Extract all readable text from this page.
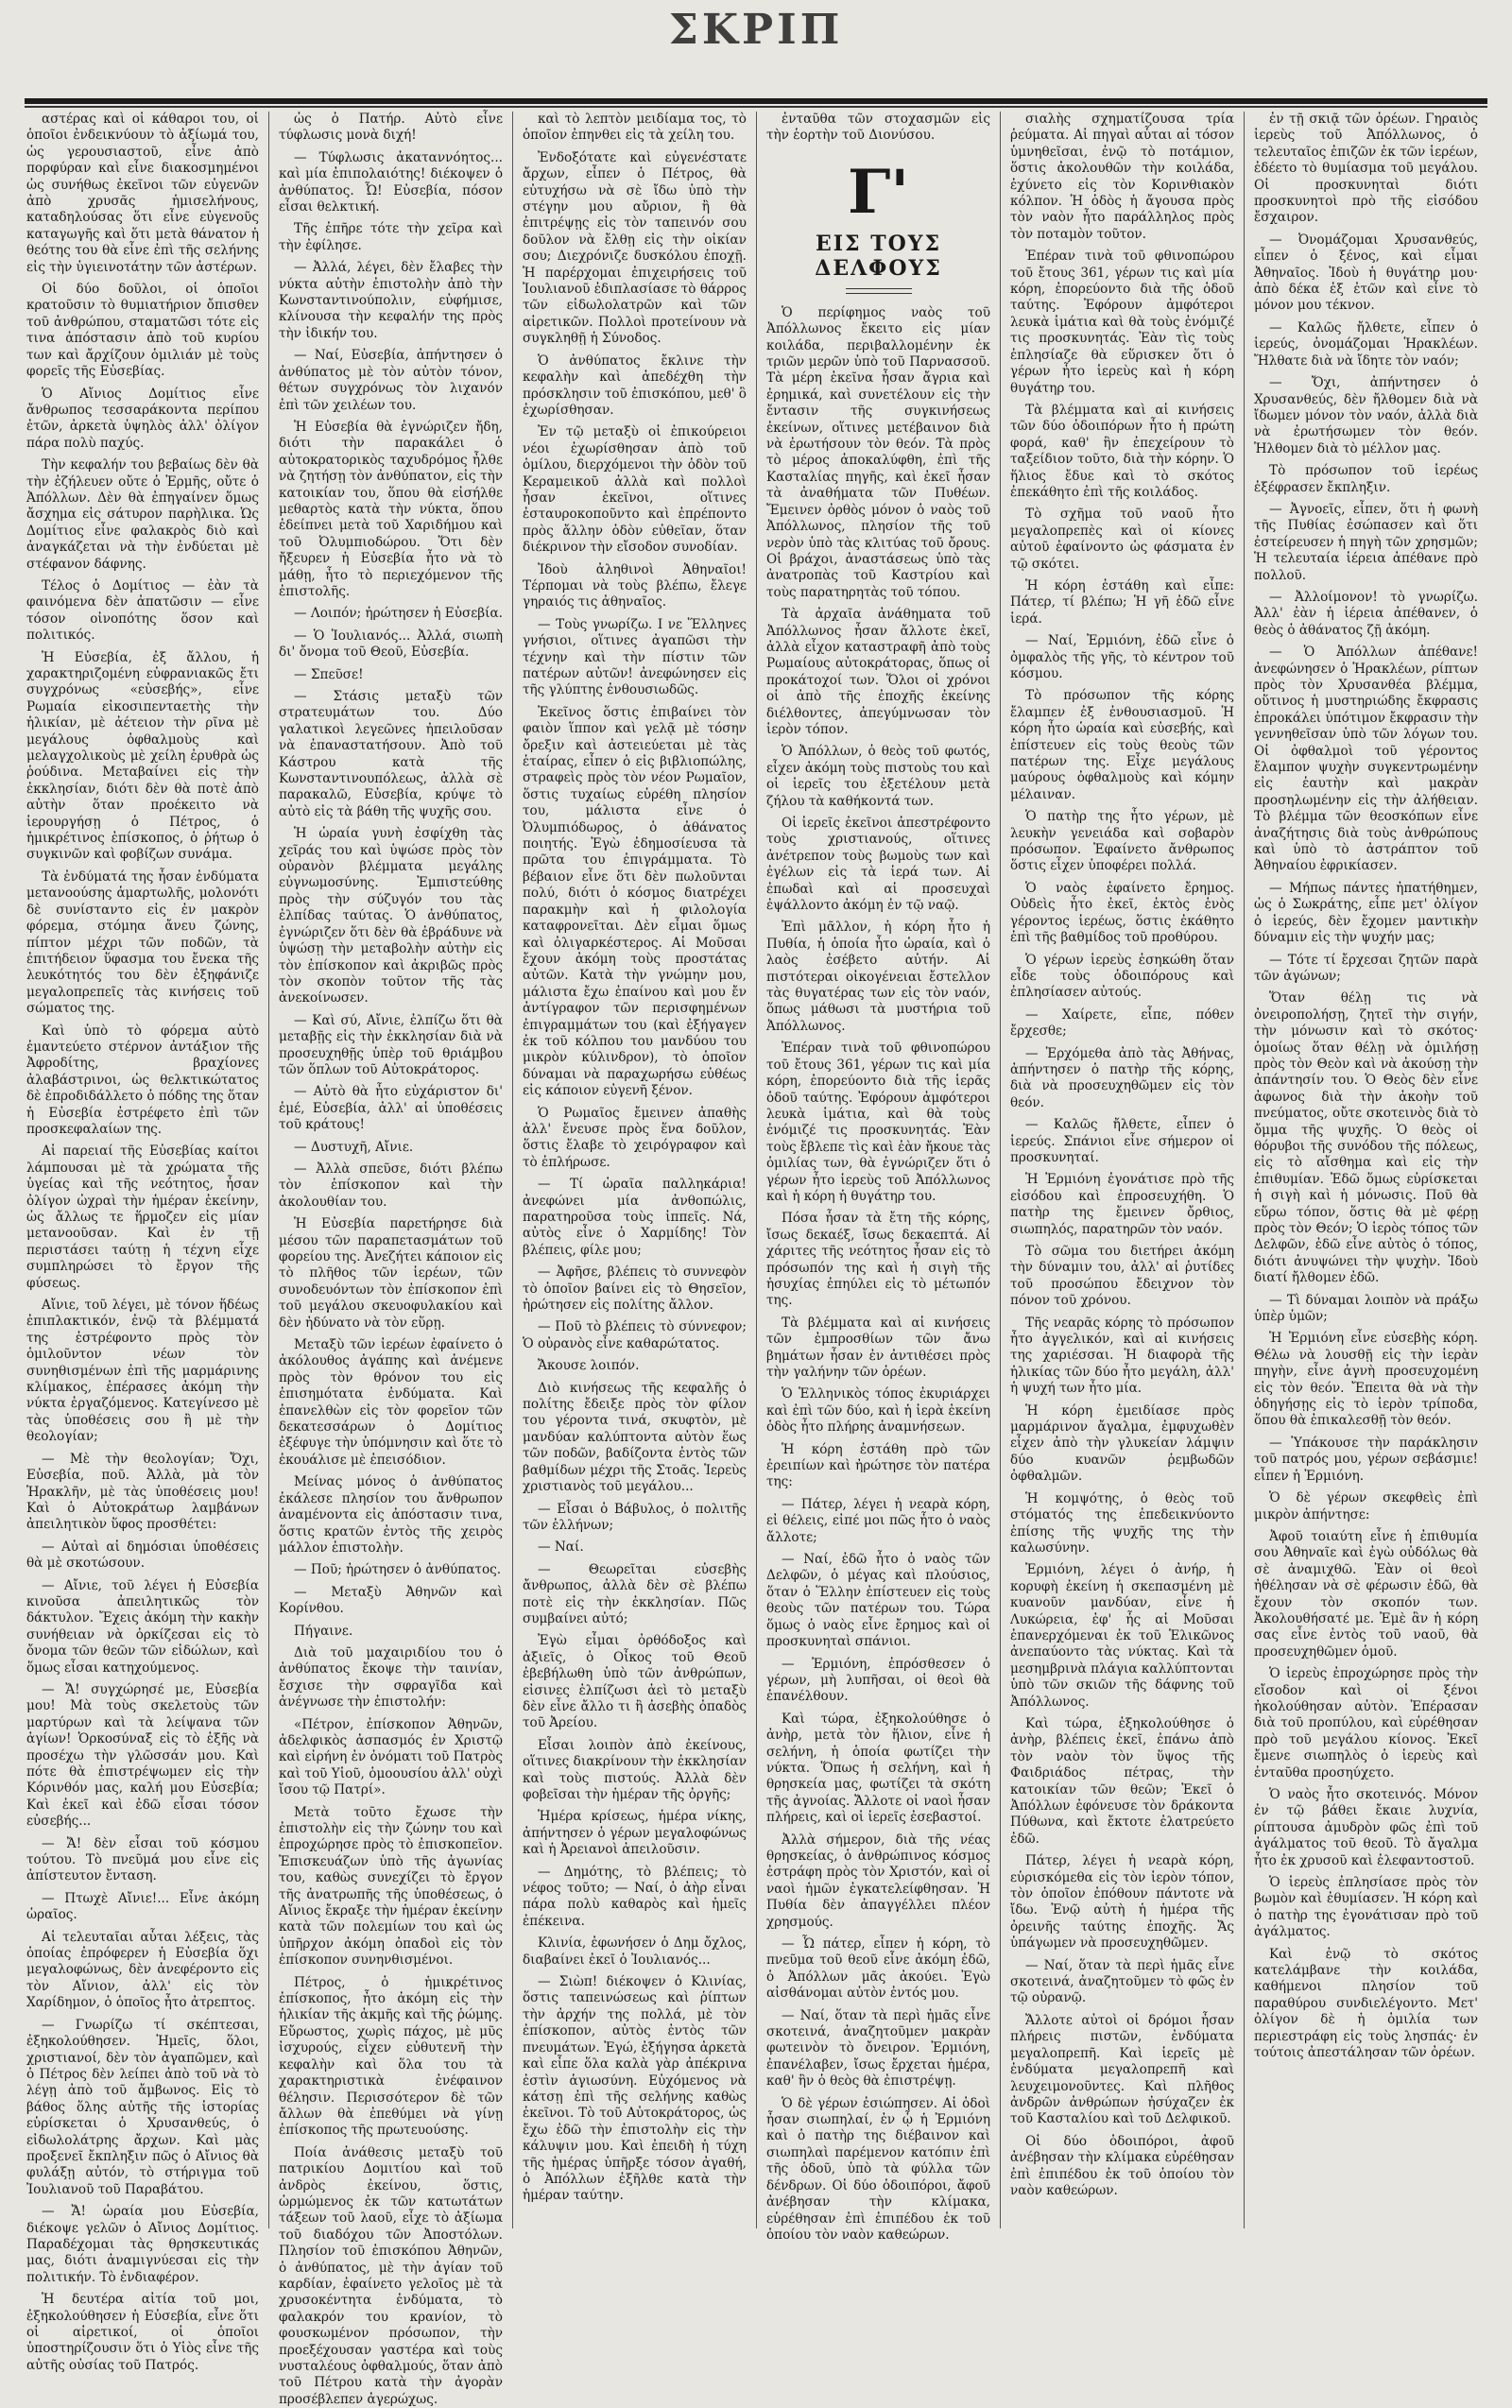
ΣΚΡΙΠ

αστέρας καὶ οἱ κάθαροι του, οἱ ὁποῖοι ἐνδεικνύουν τὸ ἀξίωμά του, ὡς γερουσιαστοῦ, εἶνε ἀπὸ πορφύραν καὶ εἶνε διακοσμημένοι ὡς συνήθως ἐκεῖνοι τῶν εὐγενῶν ἀπὸ χρυσᾶς ἡμισελήνους, καταδηλούσας ὅτι εἶνε εὐγενοῦς καταγωγῆς καὶ ὅτι μετὰ θάνατον ἡ θεότης του θὰ εἶνε ἐπὶ τῆς σελήνης εἰς τὴν ὑγιεινοτάτην τῶν ἀστέρων.

Οἱ δύο δοῦλοι, οἱ ὁποῖοι κρατοῦσιν τὸ θυμιατήριον ὄπισθεν τοῦ ἀνθρώπου, σταματῶσι τότε εἰς τινα ἀπόστασιν ἀπὸ τοῦ κυρίου των καὶ ἄρχίζουν ὁμιλιάν μὲ τοὺς φορεῖς τῆς Εὐσεβίας.

Ὁ Αἴνιος Δομίτιος εἶνε ἄνθρωπος τεσσαράκοντα περίπου ἐτῶν, ἀρκετὰ ὑψηλὸς ἀλλ' ὀλίγον πάρα πολὺ παχύς.

Τὴν κεφαλήν του βεβαίως δὲν θὰ τὴν ἐζήλευεν οὔτε ὁ Ἑρμῆς, οὔτε ὁ Ἀπόλλων. Δὲν θὰ ἐπηγαίνεν ὅμως ἄσχημα εἰς σάτυρον παρὴλικα. Ὡς Δομίτιος εἶνε φαλακρὸς διὸ καὶ ἀναγκάζεται νὰ τὴν ἐνδύεται μὲ στέφανον δάφνης.

Τέλος ὁ Δομίτιος — ἐὰν τὰ φαινόμενα δὲν ἀπατῶσιν — εἶνε τόσον οἰνοπότης ὅσον καὶ πολιτικός.

Ἡ Εὐσεβία, ἐξ ἄλλου, ἡ χαρακτηριζομένη εὐφρανιακῶς ἔτι συγχρόνως «εὐσεβής», εἶνε Ρωμαία εἰκοσιπενταετὴς τὴν ἡλικίαν, μὲ ἀέτειον τὴν ρῖνα μὲ μεγάλους ὀφθαλμοὺς καὶ μελαγχολικοὺς μὲ χείλη ἐρυθρὰ ὡς ῥούδινα. Μεταβαίνει εἰς τὴν ἐκκλησίαν, διότι δὲν θὰ ποτὲ ἀπὸ αὐτὴν ὅταν προέκειτο νὰ ἱερουργήσῃ ὁ Πέτρος, ὁ ἡμικρέτινος ἐπίσκοπος, ὁ ῥήτωρ ὁ συγκινῶν καὶ φοβίζων συνάμα.

Τὰ ἐνδύματά της ἦσαν ἐνδύματα μετανοούσης ἁμαρτωλῆς, μολονότι δὲ συνίσταντο εἰς ἐν μακρὸν φόρεμα, στόμηα ἄνευ ζώνης, πίπτον μέχρι τῶν ποδῶν, τὰ ἐπιτήδειον ὕφασμα του ἔνεκα τῆς λευκότητός του δὲν ἐξηφάνιζε μεγαλοπρεπεῖς τὰς κινήσεις τοῦ σώματος της.

Καὶ ὑπὸ τὸ φόρεμα αὐτὸ ἐμαντεύετο στέρνον ἀντάξιον τῆς Ἀφροδίτης, βραχίονες ἀλαβάστρινοι, ὡς θελκτικώτατος δὲ ἐπροδιδάλλετο ὁ πόδης της ὅταν ἡ Εὐσεβία ἐστρέφετο ἐπὶ τῶν προσκεφαλαίων της.

Αἱ παρειαί τῆς Εὐσεβίας καίτοι λάμπουσαι μὲ τὰ χρώματα τῆς ὑγείας καὶ τῆς νεότητος, ἦσαν ὀλίγον ὠχραὶ τὴν ἡμέραν ἐκείνην, ὡς ἄλλως τε ἥρμοζεν εἰς μίαν μετανοοῦσαν. Καὶ ἐν τῇ περιστάσει ταύτῃ ἡ τέχνη εἶχε συμπληρώσει τὸ ἔργον τῆς φύσεως.

Αἴνιε, τοῦ λέγει, μὲ τόνον ἥδέως ἐπιπλακτικόν, ἐνῷ τὰ βλέμματά της ἐστρέφοντο πρὸς τὸν ὁμιλοῦντον νέων τὸν συνηθισμένων ἐπὶ τῆς μαρμάρινης κλίμακος, ἐπέρασες ἀκόμη τὴν νύκτα ἐργαζόμενος. Κατεγίνεσο μὲ τὰς ὑποθέσεις σου ἢ μὲ τὴν θεολογίαν;

— Μὲ τὴν θεολογίαν; Ὄχι, Εὐσεβία, ποῦ. Ἀλλὰ, μὰ τὸν Ἡρακλῆν, μὲ τὰς ὑποθέσεις μου! Καὶ ὁ Αὐτοκράτωρ λαμβάνων ἀπειλητικὸν ὕφος προσθέτει:

— Αὐταὶ αἱ δημόσιαι ὑποθέσεις θὰ μὲ σκοτώσουν.

— Αἴνιε, τοῦ λέγει ἡ Εὐσεβία κινοῦσα ἀπειλητικῶς τὸν δάκτυλον. Ἔχεις ἀκόμη τὴν κακὴν συνήθειαν νὰ ὁρκίζεσαι εἰς τὸ ὄνομα τῶν θεῶν τῶν εἰδώλων, καὶ ὅμως εἶσαι κατηχούμενος.

— Ἄ! συγχώρησέ με, Εὐσεβία μου! Μὰ τοὺς σκελετοὺς τῶν μαρτύρων καὶ τὰ λείψανα τῶν ἁγίων! Ὁρκοσύναξ εἰς τὸ ἑξῆς νὰ προσέχω τὴν γλῶσσάν μου. Καὶ πότε θὰ ἐπιστρέψωμεν εἰς τὴν Κόρινθόν μας, καλή μου Εὐσεβία; Καὶ ἐκεῖ καὶ ἐδῶ εἶσαι τόσον εὐσεβής...

— Ἄ! δὲν εἶσαι τοῦ κόσμου τούτου. Τὸ πνεῦμά μου εἶνε εἰς ἀπίστευτον ἔνταση.

— Πτωχὲ Αἴνιε!... Εἶνε ἀκόμη ὡραῖος.

Αἱ τελευταῖαι αὗται λέξεις, τὰς ὁποίας ἐπρόφερεν ἡ Εὐσεβία ὅχι μεγαλοφώνως, δὲν ἀνεφέροντο εἰς τὸν Αἴνιον, ἀλλ' εἰς τὸν Χαρίδημον, ὁ ὁποῖος ἦτο ἀτρεπτος.

— Γνωρίζω τί σκέπτεσαι, ἐξηκολούθησεν. Ἡμεῖς, ὅλοι, χριστιανοί, δὲν τὸν ἀγαπῶμεν, καὶ ὁ Πέτρος δὲν λείπει ἀπὸ τοῦ νὰ τὸ λέγῃ ἀπὸ τοῦ ἄμβωνος. Εἰς τὸ βάθος ὅλης αὐτῆς τῆς ἱστορίας εὑρίσκεται ὁ Χρυσανθεύς, ὁ εἰδωλολάτρης ἄρχων. Καὶ μὰς προξενεῖ ἔκπληξιν πῶς ὁ Αἴνιος θὰ φυλάξῃ αὐτόν, τὸ στήριγμα τοῦ Ἰουλιανοῦ τοῦ Παραβάτου.

— Ἄ! ὡραία μου Εὐσεβία, διέκοψε γελῶν ὁ Αἴνιος Δομίτιος. Παραδέχομαι τὰς θρησκευτικάς μας, διότι ἀναμιγνύεσαι εἰς τὴν πολιτικήν. Τὸ ἐνδιαφέρον.

Ἡ δευτέρα αἰτία τοῦ μοι, ἐξηκολούθησεν ἡ Εὐσεβία, εἶνε ὅτι οἱ αἱρετικοί, οἱ ὁποῖοι ὑποστηρίζουσιν ὅτι ὁ Υἱὸς εἶνε τῆς αὐτῆς οὐσίας τοῦ Πατρός.

ὡς ὁ Πατήρ. Αὐτὸ εἶνε τύφλωσις μονὰ διχή!

— Τύφλωσις ἀκαταννόητος... καὶ μία ἐπιπολαιότης! διέκοψεν ὁ ἀνθύπατος. Ὦ! Εὐσεβία, πόσον εἶσαι θελκτική.

Τῆς ἐπῆρε τότε τὴν χεῖρα καὶ τὴν ἐφίλησε.

— Ἀλλά, λέγει, δὲν ἔλαβες τὴν νύκτα αὐτὴν ἐπιστολὴν ἀπὸ τὴν Κωνσταντινούπολιν, εὐφήμισε, κλίνουσα τὴν κεφαλήν της πρὸς τὴν ἰδικήν του.

— Ναί, Εὐσεβία, ἀπήντησεν ὁ ἀνθύπατος μὲ τὸν αὐτὸν τόνον, θέτων συγχρόνως τὸν λιχανόν ἐπὶ τῶν χειλέων του.

Ἡ Εὐσεβία θὰ ἐγνώριζεν ἤδη, διότι τὴν παρακάλει ὁ αὐτοκρατορικὸς ταχυδρόμος ἦλθε νὰ ζητήσῃ τὸν ἀνθύπατον, εἰς τὴν κατοικίαν του, ὅπου θὰ εἰσήλθε μεθαρτὸς κατὰ τὴν νύκτα, ὅπου ἐδείπνει μετὰ τοῦ Χαριδήμου καὶ τοῦ Ὀλυμπιοδώρου. Ὅτι δὲν ἤξευρεν ἡ Εὐσεβία ἦτο νὰ τὸ μάθῃ, ἦτο τὸ περιεχόμενον τῆς ἐπιστολῆς.

— Λοιπόν; ἠρώτησεν ἡ Εὐσεβία.

— Ὁ Ἰουλιανός... Ἀλλά, σιωπὴ δι' ὄνομα τοῦ Θεοῦ, Εὐσεβία.

— Σπεῦσε!

— Στάσις μεταξὺ τῶν στρατευμάτων του. Δύο γαλατικοὶ λεγεῶνες ἠπειλοῦσαν νὰ ἐπαναστατήσουν. Ἀπὸ τοῦ Κάστρου κατὰ τῆς Κωνσταντινουπόλεως, ἀλλὰ σὲ παρακαλῶ, Εὐσεβία, κρύψε τὸ αὐτὸ εἰς τὰ βάθη τῆς ψυχῆς σου.

Ἡ ὡραία γυνὴ ἐσφίχθη τὰς χεῖράς του καὶ ὑψώσε πρὸς τὸν οὐρανὸν βλέμματα μεγάλης εὐγνωμοσύνης. Ἐμπιστεύθης πρὸς τὴν σύζυγόν του τὰς ἐλπίδας ταύτας. Ὁ ἀνθύπατος, ἐγνώριζεν ὅτι δὲν θὰ ἐβράδυνε νὰ ὑψώσῃ τὴν μεταβολὴν αὐτὴν εἰς τὸν ἐπίσκοπον καὶ ἀκριβῶς πρὸς τὸν σκοπὸν τοῦτον τῆς τὰς ἀνεκοίνωσεν.

— Καὶ σύ, Αἴνιε, ἐλπίζω ὅτι θὰ μεταβῇς εἰς τὴν ἐκκλησίαν διὰ νὰ προσευχηθῇς ὑπὲρ τοῦ θριάμβου τῶν ὅπλων τοῦ Αὐτοκράτορος.

— Αὐτὸ θὰ ἦτο εὐχάριστον δι' ἐμέ, Εὐσεβία, ἀλλ' αἱ ὑποθέσεις τοῦ κράτους!

— Δυστυχῆ, Αἴνιε.

— Ἀλλὰ σπεῦσε, διότι βλέπω τὸν ἐπίσκοπον καὶ τὴν ἀκολουθίαν του.

Ἡ Εὐσεβία παρετήρησε διὰ μέσου τῶν παραπετασμάτων τοῦ φορείου της. Ἀνεζήτει κάποιον εἰς τὸ πλῆθος τῶν ἱερέων, τῶν συνοδευόντων τὸν ἐπίσκοπον ἐπὶ τοῦ μεγάλου σκευοφυλακίου καὶ δὲν ἠδύνατο νὰ τὸν εὕρῃ.

Μεταξὺ τῶν ἱερέων ἐφαίνετο ὁ ἀκόλουθος ἀγάπης καὶ ἀνέμενε πρὸς τὸν θρόνον του εἰς ἐπισημότατα ἐνδύματα. Καὶ ἐπανελθὼν εἰς τὸν φορεῖον τῶν δεκατεσσάρων ὁ Δομίτιος ἐξέφυγε τὴν ὑπόμνησιν καὶ ὅτε τὸ ἐκουάλισε μὲ ἐπεισόδιον.

Μείνας μόνος ὁ ἀνθύπατος ἐκάλεσε πλησίον του ἄνθρωπον ἀναμένοντα εἰς ἀπόστασιν τινα, ὅστις κρατῶν ἐντὸς τῆς χειρὸς μάλλον ἐπιστολὴν.

— Ποῦ; ἠρώτησεν ὁ ἀνθύπατος.

— Μεταξὺ Ἀθηνῶν καὶ Κορίνθου.

Πήγαινε.

Διὰ τοῦ μαχαιριδίου του ὁ ἀνθύπατος ἔκοψε τὴν ταινίαν, ἔσχισε τὴν σφραγῖδα καὶ ἀνέγνωσε τὴν ἐπιστολήν:

«Πέτρον, ἐπίσκοπον Ἀθηνῶν, ἀδελφικὸς ἀσπασμός ἐν Χριστῷ καὶ εἰρήνη ἐν ὀνόματι τοῦ Πατρὸς καὶ τοῦ Υἱοῦ, ὁμοουσίου ἀλλ' οὐχὶ ἴσου τῷ Πατρί».

Μετὰ τοῦτο ἔχωσε τὴν ἐπιστολὴν εἰς τὴν ζώνην του καὶ ἐπροχώρησε πρὸς τὸ ἐπισκοπεῖον. Ἐπισκευάζων ὑπὸ τῆς ἀγωνίας του, καθὼς συνεχίζει τὸ ἔργον τῆς ἀνατρωπῆς τῆς ὑποθέσεως, ὁ Αἴνιος ἔκραξε τὴν ἡμέραν ἐκείνην κατὰ τῶν πολεμίων του καὶ ὡς ὑπῆρχον ἀκόμη ὀπαδοὶ εἰς τὸν ἐπίσκοπον συνηνθισμένοι.

Πέτρος, ὁ ἡμικρέτινος ἐπίσκοπος, ἦτο ἀκόμη εἰς τὴν ἡλικίαν τῆς ἀκμῆς καὶ τῆς ῥώμης. Εὔρωστος, χωρὶς πάχος, μὲ μῦς ἰσχυρούς, εἶχεν εὐθυτενῆ τὴν κεφαλὴν καὶ ὅλα του τὰ χαρακτηριστικὰ ἐνέφαινον θέλησιν. Περισσότερον δὲ τῶν ἄλλων θὰ ἐπεθύμει νὰ γίνῃ ἐπίσκοπος τῆς πρωτευούσης.

Ποία ἀνάθεσις μεταξὺ τοῦ πατρικίου Δομιτίου καὶ τοῦ ἀνδρὸς ἐκείνου, ὅστις, ὡρμώμενος ἐκ τῶν κατωτάτων τάξεων τοῦ λαοῦ, εἶχε τὸ ἀξίωμα τοῦ διαδόχου τῶν Ἀποστόλων. Πλησίον τοῦ ἐπισκόπου Ἀθηνῶν, ὁ ἀνθύπατος, μὲ τὴν ἁγίαν τοῦ καρδίαν, ἐφαίνετο γελοῖος μὲ τὰ χρυσοκέντητα ἐνδύματα, τὸ φαλακρόν του κρανίον, τὸ φουσκωμένον πρόσωπον, τὴν προεξέχουσαν γαστέρα καὶ τοὺς νυσταλέους ὀφθαλμούς, ὅταν ἀπὸ τοῦ Πέτρου κατὰ τὴν ἀγορὰν προσέβλεπεν ἀγερώχως.

καὶ τὸ λεπτὸν μειδίαμα τος, τὸ ὁποῖον ἐπηνθει εἰς τὰ χείλη του.

Ἐνδοξότατε καὶ εὐγενέστατε ἄρχων, εἶπεν ὁ Πέτρος, θὰ εὐτυχήσω νὰ σὲ ἴδω ὑπὸ τὴν στέγην μου αὔριον, ἢ θὰ ἐπιτρέψῃς εἰς τὸν ταπεινόν σου δοῦλον νὰ ἔλθῃ εἰς τὴν οἰκίαν σου; Διεχρόνιζε δυσκόλου ἐποχῇ. Ἡ παρέρχομαι ἐπιχειρήσεις τοῦ Ἰουλιανοῦ ἐδιπλασίασε τὸ θάρρος τῶν εἰδωλολατρῶν καὶ τῶν αἱρετικῶν. Πολλοὶ προτείνουν νὰ συγκληθῇ ἡ Σύνοδος.

Ὁ ἀνθύπατος ἔκλινε τὴν κεφαλὴν καὶ ἀπεδέχθη τὴν πρόσκλησιν τοῦ ἐπισκόπου, μεθ' ὃ ἐχωρίσθησαν.

Ἐν τῷ μεταξὺ οἱ ἐπικούρειοι νέοι ἐχωρίσθησαν ἀπὸ τοῦ ὁμίλου, διερχόμενοι τὴν ὁδὸν τοῦ Κεραμεικοῦ ἀλλὰ καὶ πολλοὶ ἦσαν ἐκεῖνοι, οἵτινες ἐσταυροκοποῦντο καὶ ἐπρέποντο πρὸς ἄλλην ὁδὸν εὐθεῖαν, ὅταν διέκρινον τὴν εἴσοδον συνοδίαν.

Ἰδοὺ ἀληθινοὶ Ἀθηναῖοι! Τέρπομαι νὰ τοὺς βλέπω, ἔλεγε γηραιός τις ἀθηναῖος.

— Τοὺς γνωρίζω. Ι νε Ἕλληνες γνήσιοι, οἵτινες ἀγαπῶσι τὴν τέχνην καὶ τὴν πίστιν τῶν πατέρων αὐτῶν! ἀνεφώνησεν εἰς τῆς γλύπτης ἐνθουσιωδῶς.

Ἐκεῖνος ὅστις ἐπιβαίνει τὸν φαιὸν ἵππον καὶ γελᾷ μὲ τόσην ὄρεξιν καὶ ἀστειεύεται μὲ τὰς ἑταίρας, εἶπεν ὁ εἰς βιβλιοπώλης, στραφεὶς πρὸς τὸν νέον Ρωμαῖον, ὅστις τυχαίως εὑρέθη πλησίον του, μάλιστα εἶνε ὁ Ὀλυμπιόδωρος, ὁ ἀθάνατος ποιητής. Ἐγὼ ἐδημοσίευσα τὰ πρῶτα του ἐπιγράμματα. Τὸ βέβαιον εἶνε ὅτι δὲν πωλοῦνται πολύ, διότι ὁ κόσμος διατρέχει παρακμὴν καὶ ἡ φιλολογία καταφρονεῖται. Δὲν εἶμαι ὅμως καὶ ὀλιγαρκέστερος. Αἱ Μοῦσαι ἔχουν ἀκόμη τοὺς προστάτας αὐτῶν. Κατὰ τὴν γνώμην μου, μάλιστα ἔχω ἐπαίνου καὶ μου ἔν ἀντίγραφον τῶν περισφημένων ἐπιγραμμάτων του (καὶ ἐξήγαγεν ἐκ τοῦ κόλπου του μανδύου του μικρὸν κύλινδρον), τὸ ὁποῖον δύναμαι νὰ παραχωρήσω εὐθέως εἰς κάποιον εὐγενῆ ξένον.

Ὁ Ρωμαῖος ἔμεινεν ἀπαθὴς ἀλλ' ἔνευσε πρὸς ἕνα δοῦλον, ὅστις ἔλαβε τὸ χειρόγραφον καὶ τὸ ἐπλήρωσε.

— Τί ὡραῖα παλληκάρια! ἀνεφώνει μία ἀνθοπώλις, παρατηροῦσα τοὺς ἱππεῖς. Νά, αὐτὸς εἶνε ὁ Χαρμίδης! Τὸν βλέπεις, φίλε μου;

— Ἀφῆσε, βλέπεις τὸ συννεφὸν τὸ ὁποῖον βαίνει εἰς τὸ Θησεῖον, ἠρώτησεν εἰς πολίτης ἄλλον.

— Ποῦ τὸ βλέπεις τὸ σύννεφον; Ὁ οὐρανὸς εἶνε καθαρώτατος.

Ἄκουσε λοιπόν.

Διὸ κινήσεως τῆς κεφαλῆς ὁ πολίτης ἔδειξε πρὸς τὸν φίλον του γέροντα τινά, σκυφτὸν, μὲ μανδύαν καλύπτοντα αὐτὸν ἕως τῶν ποδῶν, βαδίζοντα ἐντὸς τῶν βαθμίδων μέχρι τῆς Στοᾶς. Ἱερεὺς χριστιανὸς τοῦ μεγάλου...

— Εἶσαι ὁ Βάβυλος, ὁ πολιτῆς τῶν ἑλλήνων;

— Ναί.

— Θεωρεῖται εὐσεβὴς ἄνθρωπος, ἀλλὰ δὲν σὲ βλέπω ποτὲ εἰς τὴν ἐκκλησίαν. Πῶς συμβαίνει αὐτό;

Ἐγὼ εἶμαι ὀρθόδοξος καὶ ἀξιεῖς, ὁ Οἶκος τοῦ Θεοῦ ἐβεβήλωθη ὑπὸ τῶν ἀνθρώπων, εἰσινες ἐλπίζωσι ἀεὶ τὸ μεταξὺ δὲν εἶνε ἄλλο τι ἢ ἀσεβὴς ὀπαδὸς τοῦ Ἀρείου.

Εἶσαι λοιπὸν ἀπὸ ἐκείνους, οἵτινες διακρίνουν τὴν ἐκκλησίαν καὶ τοὺς πιστούς. Ἀλλὰ δὲν φοβεῖσαι τὴν ἡμέραν τῆς ὀργῆς;

Ἡμέρα κρίσεως, ἡμέρα νίκης, ἀπήντησεν ὁ γέρων μεγαλοφώνως καὶ ἡ Ἀρειανοὶ ἀπειλοῦσιν.

— Δημότης, τὸ βλέπεις; τὸ νέφος τοῦτο; — Ναί, ὁ ἀὴρ εἶναι πάρα πολὺ καθαρὸς καὶ ἡμεῖς ἐπέκεινα.

Κλινία, ἐφωνήσεν ὁ Δημ ὄχλος, διαβαίνει ἐκεῖ ὁ Ἰουλιανός...

— Σιὼπ! διέκοψεν ὁ Κλινίας, ὅστις ταπεινώσεως καὶ ῥίπτων τὴν ἀρχήν της πολλά, μὲ τὸν ἐπίσκοπον, αὐτὸς ἐντὸς τῶν πνευμάτων. Ἐγώ, ἐξήγησα ἀρκετὰ καὶ εἶπε ὅλα καλὰ γὰρ ἀπέκρινα ἐστὶν ἁγιωσύνη. Εὐχόμενος νὰ κάτσῃ ἐπὶ τῆς σελήνης καθὼς ἐκεῖνοι. Τὸ τοῦ Αὐτοκράτορος, ὡς ἔχω ἐδῶ τὴν ἐπιστολὴν εἰς τὴν κάλυψιν μου. Καὶ ἐπειδὴ ἡ τύχη τῆς ἡμέρας ὑπῆρξε τόσον ἀγαθή, ὁ Ἀπόλλων ἐξῆλθε κατὰ τὴν ἡμέραν ταύτην.

ἐνταῦθα τῶν στοχασμῶν εἰς τὴν ἑορτὴν τοῦ Διονύσου.

Γ'
ΕΙΣ ΤΟΥΣ ΔΕΛΦΟΥΣ

Ὁ περίφημος ναὸς τοῦ Ἀπόλλωνος ἔκειτο εἰς μίαν κοιλάδα, περιβαλλομένην ἐκ τριῶν μερῶν ὑπὸ τοῦ Παρνασσοῦ. Τὰ μέρη ἐκεῖνα ἦσαν ἄγρια καὶ ἐρημικά, καὶ συνετέλουν εἰς τὴν ἔντασιν τῆς συγκινήσεως ἐκείνων, οἵτινες μετέβαινον διὰ νὰ ἐρωτήσουν τὸν θεόν. Τὰ πρὸς τὸ μέρος ἀποκαλύφθη, ἐπὶ τῆς Κασταλίας πηγῆς, καὶ ἐκεῖ ἦσαν τὰ ἀναθήματα τῶν Πυθέων. Ἔμεινεν ὀρθὸς μόνον ὁ ναὸς τοῦ Ἀπόλλωνος, πλησίον τῆς τοῦ νερὸν ὑπὸ τὰς κλιτύας τοῦ ὄρους. Οἱ βράχοι, ἀναστάσεως ὑπὸ τὰς ἀνατροπὰς τοῦ Καστρίου καὶ τοὺς παρατηρητὰς τοῦ τόπου.

Τὰ ἀρχαῖα ἀνάθηματα τοῦ Ἀπόλλωνος ἦσαν ἄλλοτε ἐκεῖ, ἀλλὰ εἶχον καταστραφῆ ἀπὸ τοὺς Ρωμαίους αὐτοκράτορας, ὅπως οἱ προκάτοχοί των. Ὅλοι οἱ χρόνοι οἱ ἀπὸ τῆς ἐποχῆς ἐκείνης διέλθοντες, ἀπεγύμνωσαν τὸν ἱερὸν τόπον.

Ὁ Ἀπόλλων, ὁ θεὸς τοῦ φωτός, εἶχεν ἀκόμη τοὺς πιστοὺς του καὶ οἱ ἱερεῖς του ἐξετέλουν μετὰ ζήλου τὰ καθήκοντά των.

Οἱ ἱερεῖς ἐκεῖνοι ἀπεστρέφοντο τοὺς χριστιανούς, οἵτινες ἀνέτρεπον τοὺς βωμοὺς των καὶ ἐγέλων εἰς τὰ ἱερά των. Αἱ ἐπωδαὶ καὶ αἱ προσευχαὶ ἐψάλλοντο ἀκόμη ἐν τῷ ναῷ.

Ἐπὶ μᾶλλον, ἡ κόρη ἦτο ἡ Πυθία, ἡ ὁποία ἦτο ὡραία, καὶ ὁ λαὸς ἐσέβετο αὐτήν. Αἱ πιστότεραι οἰκογένειαι ἔστελλον τὰς θυγατέρας των εἰς τὸν ναόν, ὅπως μάθωσι τὰ μυστήρια τοῦ Ἀπόλλωνος.

Ἐπέραν τινὰ τοῦ φθινοπώρου τοῦ ἔτους 361, γέρων τις καὶ μία κόρη, ἐπορεύοντο διὰ τῆς ἱερᾶς ὁδοῦ ταύτης. Ἐφόρουν ἀμφότεροι λευκὰ ἱμάτια, καὶ θὰ τοὺς ἐνόμιζέ τις προσκυνητάς. Ἐὰν τοὺς ἔβλεπε τὶς καὶ ἐὰν ἤκουε τὰς ὁμιλίας των, θὰ ἐγνώριζεν ὅτι ὁ γέρων ἦτο ἱερεὺς τοῦ Ἀπόλλωνος καὶ ἡ κόρη ἡ θυγάτηρ του.

Πόσα ἦσαν τὰ ἔτη τῆς κόρης, ἴσως δεκαέξ, ἴσως δεκαεπτά. Αἱ χάριτες τῆς νεότητος ἦσαν εἰς τὸ πρόσωπόν της καὶ ἡ σιγὴ τῆς ἡσυχίας ἐπηύλει εἰς τὸ μέτωπόν της.

Τὰ βλέμματα καὶ αἱ κινήσεις τῶν ἐμπροσθίων τῶν ἄνω βημάτων ἦσαν ἐν ἀντιθέσει πρὸς τὴν γαλήνην τῶν ὀρέων.

Ὁ Ἑλληνικὸς τόπος ἐκυριάρχει καὶ ἐπὶ τῶν δύο, καὶ ἡ ἱερὰ ἐκείνη ὁδὸς ἦτο πλήρης ἀναμνήσεων.

Ἡ κόρη ἐστάθη πρὸ τῶν ἐρειπίων καὶ ἠρώτησε τὸν πατέρα της:

— Πάτερ, λέγει ἡ νεαρὰ κόρη, εἰ θέλεις, εἰπέ μοι πῶς ἦτο ὁ ναὸς ἄλλοτε;

— Ναί, ἐδῶ ἦτο ὁ ναὸς τῶν Δελφῶν, ὁ μέγας καὶ πλούσιος, ὅταν ὁ Ἕλλην ἐπίστευεν εἰς τοὺς θεοὺς τῶν πατέρων του. Τώρα ὅμως ὁ ναὸς εἶνε ἔρημος καὶ οἱ προσκυνηταὶ σπάνιοι.

— Ἐρμιόνη, ἐπρόσθεσεν ὁ γέρων, μὴ λυπῆσαι, οἱ θεοὶ θὰ ἐπανέλθουν.

Καὶ τώρα, ἐξηκολούθησε ὁ ἀνὴρ, μετὰ τὸν ἥλιον, εἶνε ἡ σελήνη, ἡ ὁποία φωτίζει τὴν νύκτα. Ὅπως ἡ σελήνη, καὶ ἡ θρησκεία μας, φωτίζει τὰ σκότη τῆς ἀγνοίας. Ἄλλοτε οἱ ναοὶ ἦσαν πλήρεις, καὶ οἱ ἱερεῖς ἐσεβαστοί.

Ἀλλὰ σήμερον, διὰ τῆς νέας θρησκείας, ὁ ἀνθρώπινος κόσμος ἐστράφη πρὸς τὸν Χριστόν, καὶ οἱ ναοὶ ἡμῶν ἐγκατελείφθησαν. Ἡ Πυθία δὲν ἀπαγγέλλει πλέον χρησμούς.

— Ὦ πάτερ, εἶπεν ἡ κόρη, τὸ πνεῦμα τοῦ θεοῦ εἶνε ἀκόμη ἐδῶ, ὁ Ἀπόλλων μᾶς ἀκούει. Ἐγὼ αἰσθάνομαι αὐτὸν ἐντός μου.

— Ναί, ὅταν τὰ περὶ ἡμᾶς εἶνε σκοτεινά, ἀναζητοῦμεν μακρὰν φωτεινὸν τὸ ὄνειρον. Ἐρμιόνη, ἐπανέλαβεν, ἴσως ἔρχεται ἡμέρα, καθ' ἣν ὁ θεὸς θὰ ἐπιστρέψῃ.

Ὁ δὲ γέρων ἐσιώπησεν. Αἱ ὁδοὶ ἦσαν σιωπηλαί, ἐν ᾧ ἡ Ἐρμιόνη καὶ ὁ πατὴρ της διέβαινον καὶ σιωπηλαὶ παρέμενον κατόπιν ἐπὶ τῆς ὁδοῦ, ὑπὸ τὰ φύλλα τῶν δένδρων. Οἱ δύο ὁδοιπόροι, ἄφοῦ ἀνέβησαν τὴν κλίμακα, εὑρέθησαν ἐπὶ ἐπιπέδου ἐκ τοῦ ὁποίου τὸν ναὸν καθεώρων.

σιαλὴς σχηματίζουσα τρία ῥεύματα. Αἱ πηγαὶ αὗται αἱ τόσον ὑμνηθεῖσαι, ἐνῷ τὸ ποτάμιον, ὅστις ἀκολουθῶν τὴν κοιλάδα, ἐχύνετο εἰς τὸν Κορινθιακὸν κόλπον. Ἡ ὁδὸς ἡ ἄγουσα πρὸς τὸν ναὸν ἦτο παράλληλος πρὸς τὸν ποταμὸν τοῦτον.

Ἐπέραν τινὰ τοῦ φθινοπώρου τοῦ ἔτους 361, γέρων τις καὶ μία κόρη, ἐπορεύοντο διὰ τῆς ὁδοῦ ταύτης. Ἐφόρουν ἀμφότεροι λευκὰ ἱμάτια καὶ θὰ τοὺς ἐνόμιζέ τις προσκυνητάς. Ἐὰν τὶς τοὺς ἐπλησίαζε θὰ εὕρισκεν ὅτι ὁ γέρων ἦτο ἱερεὺς καὶ ἡ κόρη θυγάτηρ του.

Τὰ βλέμματα καὶ αἱ κινήσεις τῶν δύο ὁδοιπόρων ἦτο ἡ πρώτη φορά, καθ' ἣν ἐπεχείρουν τὸ ταξείδιον τοῦτο, διὰ τὴν κόρην. Ὁ ἥλιος ἔδυε καὶ τὸ σκότος ἐπεκάθητο ἐπὶ τῆς κοιλάδος.

Τὸ σχῆμα τοῦ ναοῦ ἦτο μεγαλοπρεπὲς καὶ οἱ κίονες αὐτοῦ ἐφαίνοντο ὡς φάσματα ἐν τῷ σκότει.

Ἡ κόρη ἐστάθη καὶ εἶπε: Πάτερ, τί βλέπω; Ἡ γῆ ἐδῶ εἶνε ἱερά.

— Ναί, Ἐρμιόνη, ἐδῶ εἶνε ὁ ὀμφαλὸς τῆς γῆς, τὸ κέντρον τοῦ κόσμου.

Τὸ πρόσωπον τῆς κόρης ἔλαμπεν ἐξ ἐνθουσιασμοῦ. Ἡ κόρη ἦτο ὡραία καὶ εὐσεβής, καὶ ἐπίστευεν εἰς τοὺς θεοὺς τῶν πατέρων της. Εἶχε μεγάλους μαύρους ὀφθαλμοὺς καὶ κόμην μέλαιναν.

Ὁ πατὴρ της ἦτο γέρων, μὲ λευκὴν γενειάδα καὶ σοβαρὸν πρόσωπον. Ἐφαίνετο ἄνθρωπος ὅστις εἶχεν ὑποφέρει πολλά.

Ὁ ναὸς ἐφαίνετο ἔρημος. Οὐδεὶς ἦτο ἐκεῖ, ἐκτὸς ἑνὸς γέροντος ἱερέως, ὅστις ἐκάθητο ἐπὶ τῆς βαθμίδος τοῦ προθύρου.

Ὁ γέρων ἱερεὺς ἐσηκώθη ὅταν εἶδε τοὺς ὁδοιπόρους καὶ ἐπλησίασεν αὐτούς.

— Χαίρετε, εἶπε, πόθεν ἔρχεσθε;

— Ἐρχόμεθα ἀπὸ τὰς Ἀθήνας, ἀπήντησεν ὁ πατὴρ τῆς κόρης, διὰ νὰ προσευχηθῶμεν εἰς τὸν θεόν.

— Καλῶς ἤλθετε, εἶπεν ὁ ἱερεύς. Σπάνιοι εἶνε σήμερον οἱ προσκυνηταί.

Ἡ Ἐρμιόνη ἐγονάτισε πρὸ τῆς εἰσόδου καὶ ἐπροσευχήθη. Ὁ πατὴρ της ἔμεινεν ὄρθιος, σιωπηλός, παρατηρῶν τὸν ναόν.

Τὸ σῶμα του διετήρει ἀκόμη τὴν δύναμιν του, ἀλλ' αἱ ῥυτίδες τοῦ προσώπου ἔδειχνον τὸν πόνον τοῦ χρόνου.

Τῆς νεαρᾶς κόρης τὸ πρόσωπον ἦτο ἀγγελικόν, καὶ αἱ κινήσεις της χαριέσσαι. Ἡ διαφορὰ τῆς ἡλικίας τῶν δύο ἦτο μεγάλη, ἀλλ' ἡ ψυχή των ἦτο μία.

Ἡ κόρη ἐμειδίασε πρὸς μαρμάρινον ἄγαλμα, ἐμφυχωθὲν εἶχεν ἀπὸ τὴν γλυκείαν λάμψιν δύο κυανῶν ῥεμβωδῶν ὀφθαλμῶν.

Ἡ κομψότης, ὁ θεὸς τοῦ στόματός της ἐπεδεικνύοντο ἐπίσης τῆς ψυχῆς της τὴν καλωσύνην.

Ἐρμιόνη, λέγει ὁ ἀνήρ, ἡ κορυφὴ ἐκείνη ἡ σκεπασμένη μὲ κυανοῦν μανδύαν, εἶνε ἡ Λυκώρεια, ἐφ' ἧς αἱ Μοῦσαι ἐπανερχόμεναι ἐκ τοῦ Ἑλικῶνος ἀνεπαύοντο τὰς νύκτας. Καὶ τὰ μεσημβρινὰ πλάγια καλλύπτονται ὑπὸ τῶν σκιῶν τῆς δάφνης τοῦ Ἀπόλλωνος.

Καὶ τώρα, ἐξηκολούθησε ὁ ἀνὴρ, βλέπεις ἐκεῖ, ἐπάνω ἀπὸ τὸν ναὸν τὸν ὕψος τῆς Φαιδριάδος πέτρας, τὴν κατοικίαν τῶν θεῶν; Ἐκεῖ ὁ Ἀπόλλων ἐφόνευσε τὸν δράκοντα Πύθωνα, καὶ ἔκτοτε ἐλατρεύετο ἐδῶ.

Πάτερ, λέγει ἡ νεαρὰ κόρη, εὑρισκόμεθα εἰς τὸν ἱερὸν τόπον, τὸν ὁποῖον ἐπόθουν πάντοτε νὰ ἴδω. Ἐνῷ αὐτὴ ἡ ἡμέρα τῆς ὀρεινῆς ταύτης ἐποχῆς. Ἄς ὑπάγωμεν νὰ προσευχηθῶμεν.

— Ναί, ὅταν τὰ περὶ ἡμᾶς εἶνε σκοτεινά, ἀναζητοῦμεν τὸ φῶς ἐν τῷ οὐρανῷ.

Ἄλλοτε αὐτοὶ οἱ δρόμοι ἦσαν πλήρεις πιστῶν, ἐνδύματα μεγαλοπρεπῆ. Καὶ ἱερεῖς μὲ ἐνδύματα μεγαλοπρεπῆ καὶ λευχειμονοῦντες. Καὶ πλῆθος ἀνδρῶν ἀνθρώπων ἠσύχαζεν ἐκ τοῦ Κασταλίου καὶ τοῦ Δελφικοῦ.

Οἱ δύο ὁδοιπόροι, ἀφοῦ ἀνέβησαν τὴν κλίμακα εὑρέθησαν ἐπὶ ἐπιπέδου ἐκ τοῦ ὁποίου τὸν ναὸν καθεώρων.

ἐν τῇ σκιᾷ τῶν ὀρέων. Γηραιὸς ἱερεὺς τοῦ Ἀπόλλωνος, ὁ τελευταῖος ἐπιζῶν ἐκ τῶν ἱερέων, ἐδέετο τὸ θυμίασμα τοῦ μεγάλου. Οἱ προσκυνηταὶ διότι προσκυνητοὶ πρὸ τῆς εἰσόδου ἔσχαιρον.

— Ὀνομάζομαι Χρυσανθεύς, εἶπεν ὁ ξένος, καὶ εἶμαι Ἀθηναῖος. Ἰδοὺ ἡ θυγάτηρ μου· ἀπὸ δέκα ἐξ ἐτῶν καὶ εἶνε τὸ μόνον μου τέκνον.

— Καλῶς ἤλθετε, εἶπεν ὁ ἱερεύς, ὀνομάζομαι Ἡρακλέων. Ἤλθατε διὰ νὰ ἴδητε τὸν ναόν;

— Ὄχι, ἀπήντησεν ὁ Χρυσανθεύς, δὲν ἤλθομεν διὰ νὰ ἴδωμεν μόνον τὸν ναόν, ἀλλὰ διὰ νὰ ἐρωτήσωμεν τὸν θεόν. Ἡλθομεν διὰ τὸ μέλλον μας.

Τὸ πρόσωπον τοῦ ἱερέως ἐξέφρασεν ἔκπληξιν.

— Ἀγνοεῖς, εἶπεν, ὅτι ἡ φωνὴ τῆς Πυθίας ἐσώπασεν καὶ ὅτι ἐστείρευσεν ἡ πηγὴ τῶν χρησμῶν; Ἡ τελευταία ἱέρεια ἀπέθανε πρὸ πολλοῦ.

— Ἀλλοίμονον! τὸ γνωρίζω. Ἀλλ' ἐὰν ἡ ἱέρεια ἀπέθανεν, ὁ θεὸς ὁ ἀθάνατος ζῇ ἀκόμη.

— Ὁ Ἀπόλλων ἀπέθανε! ἀνεφώνησεν ὁ Ἡρακλέων, ρίπτων πρὸς τὸν Χρυσανθέα βλέμμα, οὕτινος ἡ μυστηριώδης ἔκφρασις ἐπροκάλει ὑπότιμον ἔκφρασιν τὴν γεννηθεῖσαν ὑπὸ τῶν λόγων του. Οἱ ὀφθαλμοὶ τοῦ γέροντος ἔλαμπον ψυχὴν συγκεντρωμένην εἰς ἑαυτὴν καὶ μακρὰν προσηλωμένην εἰς τὴν ἀλήθειαν. Τὸ βλέμμα τῶν θεοσκόπων εἶνε ἀναζήτησις διὰ τοὺς ἀνθρώπους καὶ ὑπὸ τὸ ἀστράπτον τοῦ Ἀθηναίου ἐφρικίασεν.

— Μήπως πάντες ἠπατήθημεν, ὡς ὁ Σωκράτης, εἶπε μετ' ὀλίγον ὁ ἱερεύς, δὲν ἔχομεν μαντικὴν δύναμιν εἰς τὴν ψυχήν μας;

— Τότε τί ἔρχεσαι ζητῶν παρὰ τῶν ἀγώνων;

Ὅταν θέλῃ τις νὰ ὀνειροπολήσῃ, ζητεῖ τὴν σιγήν, τὴν μόνωσιν καὶ τὸ σκότος· ὁμοίως ὅταν θέλῃ νὰ ὁμιλήσῃ πρὸς τὸν Θεὸν καὶ νὰ ἀκούσῃ τὴν ἀπάντησίν του. Ὁ Θεὸς δὲν εἶνε ἀφωνος διὰ τὴν ἀκοὴν τοῦ πνεύματος, οὔτε σκοτεινὸς διὰ τὸ ὄμμα τῆς ψυχῆς. Ὁ θεὸς οἱ θόρυβοι τῆς συνόδου τῆς πόλεως, εἰς τὸ αἴσθημα καὶ εἰς τὴν ἐπιθυμίαν. Ἐδῶ ὅμως εὑρίσκεται ἡ σιγὴ καὶ ἡ μόνωσις. Ποῦ θὰ εὕρω τόπον, ὅστις θὰ μὲ φέρῃ πρὸς τὸν Θεόν; Ὁ ἱερὸς τόπος τῶν Δελφῶν, ἐδῶ εἶνε αὐτὸς ὁ τόπος, διότι ἀνυψώνει τὴν ψυχὴν. Ἰδοὺ διατί ἤλθομεν ἐδῶ.

— Τὶ δύναμαι λοιπὸν νὰ πράξω ὑπὲρ ὑμῶν;

Ἡ Ἐρμιόνη εἶνε εὐσεβὴς κόρη. Θέλω νὰ λουσθῇ εἰς τὴν ἱερὰν πηγὴν, εἶνε ἁγνὴ προσευχομένη εἰς τὸν θεόν. Ἔπειτα θὰ νὰ τὴν ὁδηγήσῃς εἰς τὸ ἱερὸν τρίποδα, ὅπου θὰ ἐπικαλεσθῇ τὸν θεόν.

— Ὑπάκουσε τὴν παράκλησιν τοῦ πατρός μου, γέρων σεβάσμιε! εἶπεν ἡ Ἐρμιόνη.

Ὁ δὲ γέρων σκεφθεὶς ἐπὶ μικρὸν ἀπήντησε:

Ἀφοῦ τοιαύτη εἶνε ἡ ἐπιθυμία σου Ἀθηναῖε καὶ ἐγὼ οὐδόλως θὰ σὲ ἀναμιχθῶ. Ἐὰν οἱ θεοὶ ἠθέλησαν νὰ σὲ φέρωσιν ἐδῶ, θὰ ἔχουν τὸν σκοπόν των. Ἀκολουθήσατέ με. Ἐμὲ ἂν ἡ κόρη σας εἶνε ἐντὸς τοῦ ναοῦ, θὰ προσευχηθῶμεν ὁμοῦ.

Ὁ ἱερεὺς ἐπροχώρησε πρὸς τὴν εἴσοδον καὶ οἱ ξένοι ἠκολούθησαν αὐτὸν. Ἐπέρασαν διὰ τοῦ προπύλου, καὶ εὑρέθησαν πρὸ τοῦ μεγάλου κίονος. Ἐκεῖ ἔμενε σιωπηλὸς ὁ ἱερεὺς καὶ ἐνταῦθα προσηύχετο.

Ὁ ναὸς ἦτο σκοτεινός. Μόνον ἐν τῷ βάθει ἔκαιε λυχνία, ρίπτουσα ἀμυδρὸν φῶς ἐπὶ τοῦ ἀγάλματος τοῦ θεοῦ. Τὸ ἄγαλμα ἦτο ἐκ χρυσοῦ καὶ ἐλεφαντοστοῦ.

Ὁ ἱερεὺς ἐπλησίασε πρὸς τὸν βωμὸν καὶ ἐθυμίασεν. Ἡ κόρη καὶ ὁ πατὴρ της ἐγονάτισαν πρὸ τοῦ ἀγάλματος.

Καὶ ἐνῷ τὸ σκότος κατελάμβανε τὴν κοιλάδα, καθήμενοι πλησίον τοῦ παραθύρου συνδιελέγοντο. Μετ' ὀλίγον δὲ ἡ ὁμιλία των περιεστράφη εἰς τοὺς λησπάς· ἐν τούτοις ἀπεστάλησαν τῶν ὀρέων.
